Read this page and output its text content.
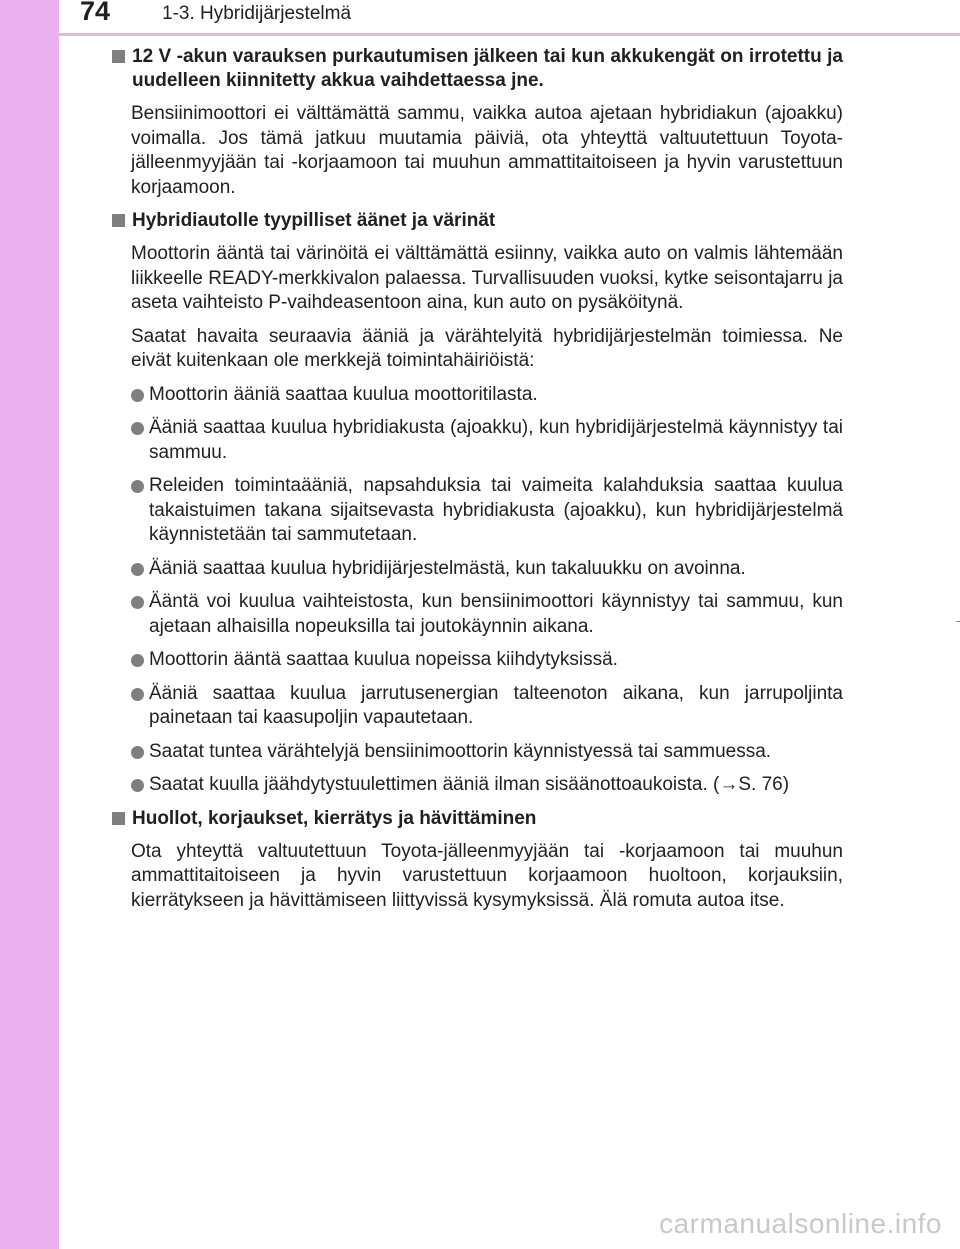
74	1-3. Hybridijärjestelmä
12 V -akun varauksen purkautumisen jälkeen tai kun akkukengät on irrotettu ja uudelleen kiinnitetty akkua vaihdettaessa jne.

Bensiinimoottori ei välttämättä sammu, vaikka autoa ajetaan hybridiakun (ajoakku) voimalla. Jos tämä jatkuu muutamia päiviä, ota yhteyttä valtuutettuun Toyota-jälleenmyyjään tai -korjaamoon tai muuhun ammattitaitoiseen ja hyvin varustettuun korjaamoon.

Hybridiautolle tyypilliset äänet ja värinät

Moottorin ääntä tai värinöitä ei välttämättä esiinny, vaikka auto on valmis lähtemään liikkeelle READY-merkkivalon palaessa. Turvallisuuden vuoksi, kytke seisontajarru ja aseta vaihteisto P-vaihdeasentoon aina, kun auto on pysäköitynä.

Saatat havaita seuraavia ääniä ja värähtelyitä hybridijärjestelmän toimiessa. Ne eivät kuitenkaan ole merkkejä toimintahäiriöistä:

Moottorin ääniä saattaa kuulua moottoritilasta.
Ääniä saattaa kuulua hybridiakusta (ajoakku), kun hybridijärjestelmä käynnistyy tai sammuu.
Releiden toimintaääniä, napsahduksia tai vaimeita kalahduksia saattaa kuulua takaistuimen takana sijaitsevasta hybridiakusta (ajoakku), kun hybridijärjestelmä käynnistetään tai sammutetaan.
Ääniä saattaa kuulua hybridijärjestelmästä, kun takaluukku on avoinna.
Ääntä voi kuulua vaihteistosta, kun bensiinimoottori käynnistyy tai sammuu, kun ajetaan alhaisilla nopeuksilla tai joutokäynnin aikana.
Moottorin ääntä saattaa kuulua nopeissa kiihdytyksissä.
Ääniä saattaa kuulua jarrutusenergian talteenoton aikana, kun jarrupoljinta painetaan tai kaasupoljin vapautetaan.
Saatat tuntea värähtelyjä bensiinimoottorin käynnistyessä tai sammuessa.
Saatat kuulla jäähdytystuulettimen ääniä ilman sisäänottoaukoista. (→S. 76)
Huollot, korjaukset, kierrätys ja hävittäminen

Ota yhteyttä valtuutettuun Toyota-jälleenmyyjään tai -korjaamoon tai muuhun ammattitaitoiseen ja hyvin varustettuun korjaamoon huoltoon, korjauksiin, kierrätykseen ja hävittämiseen liittyvissä kysymyksissä. Älä romuta autoa itse.

carmanualsonline.info
